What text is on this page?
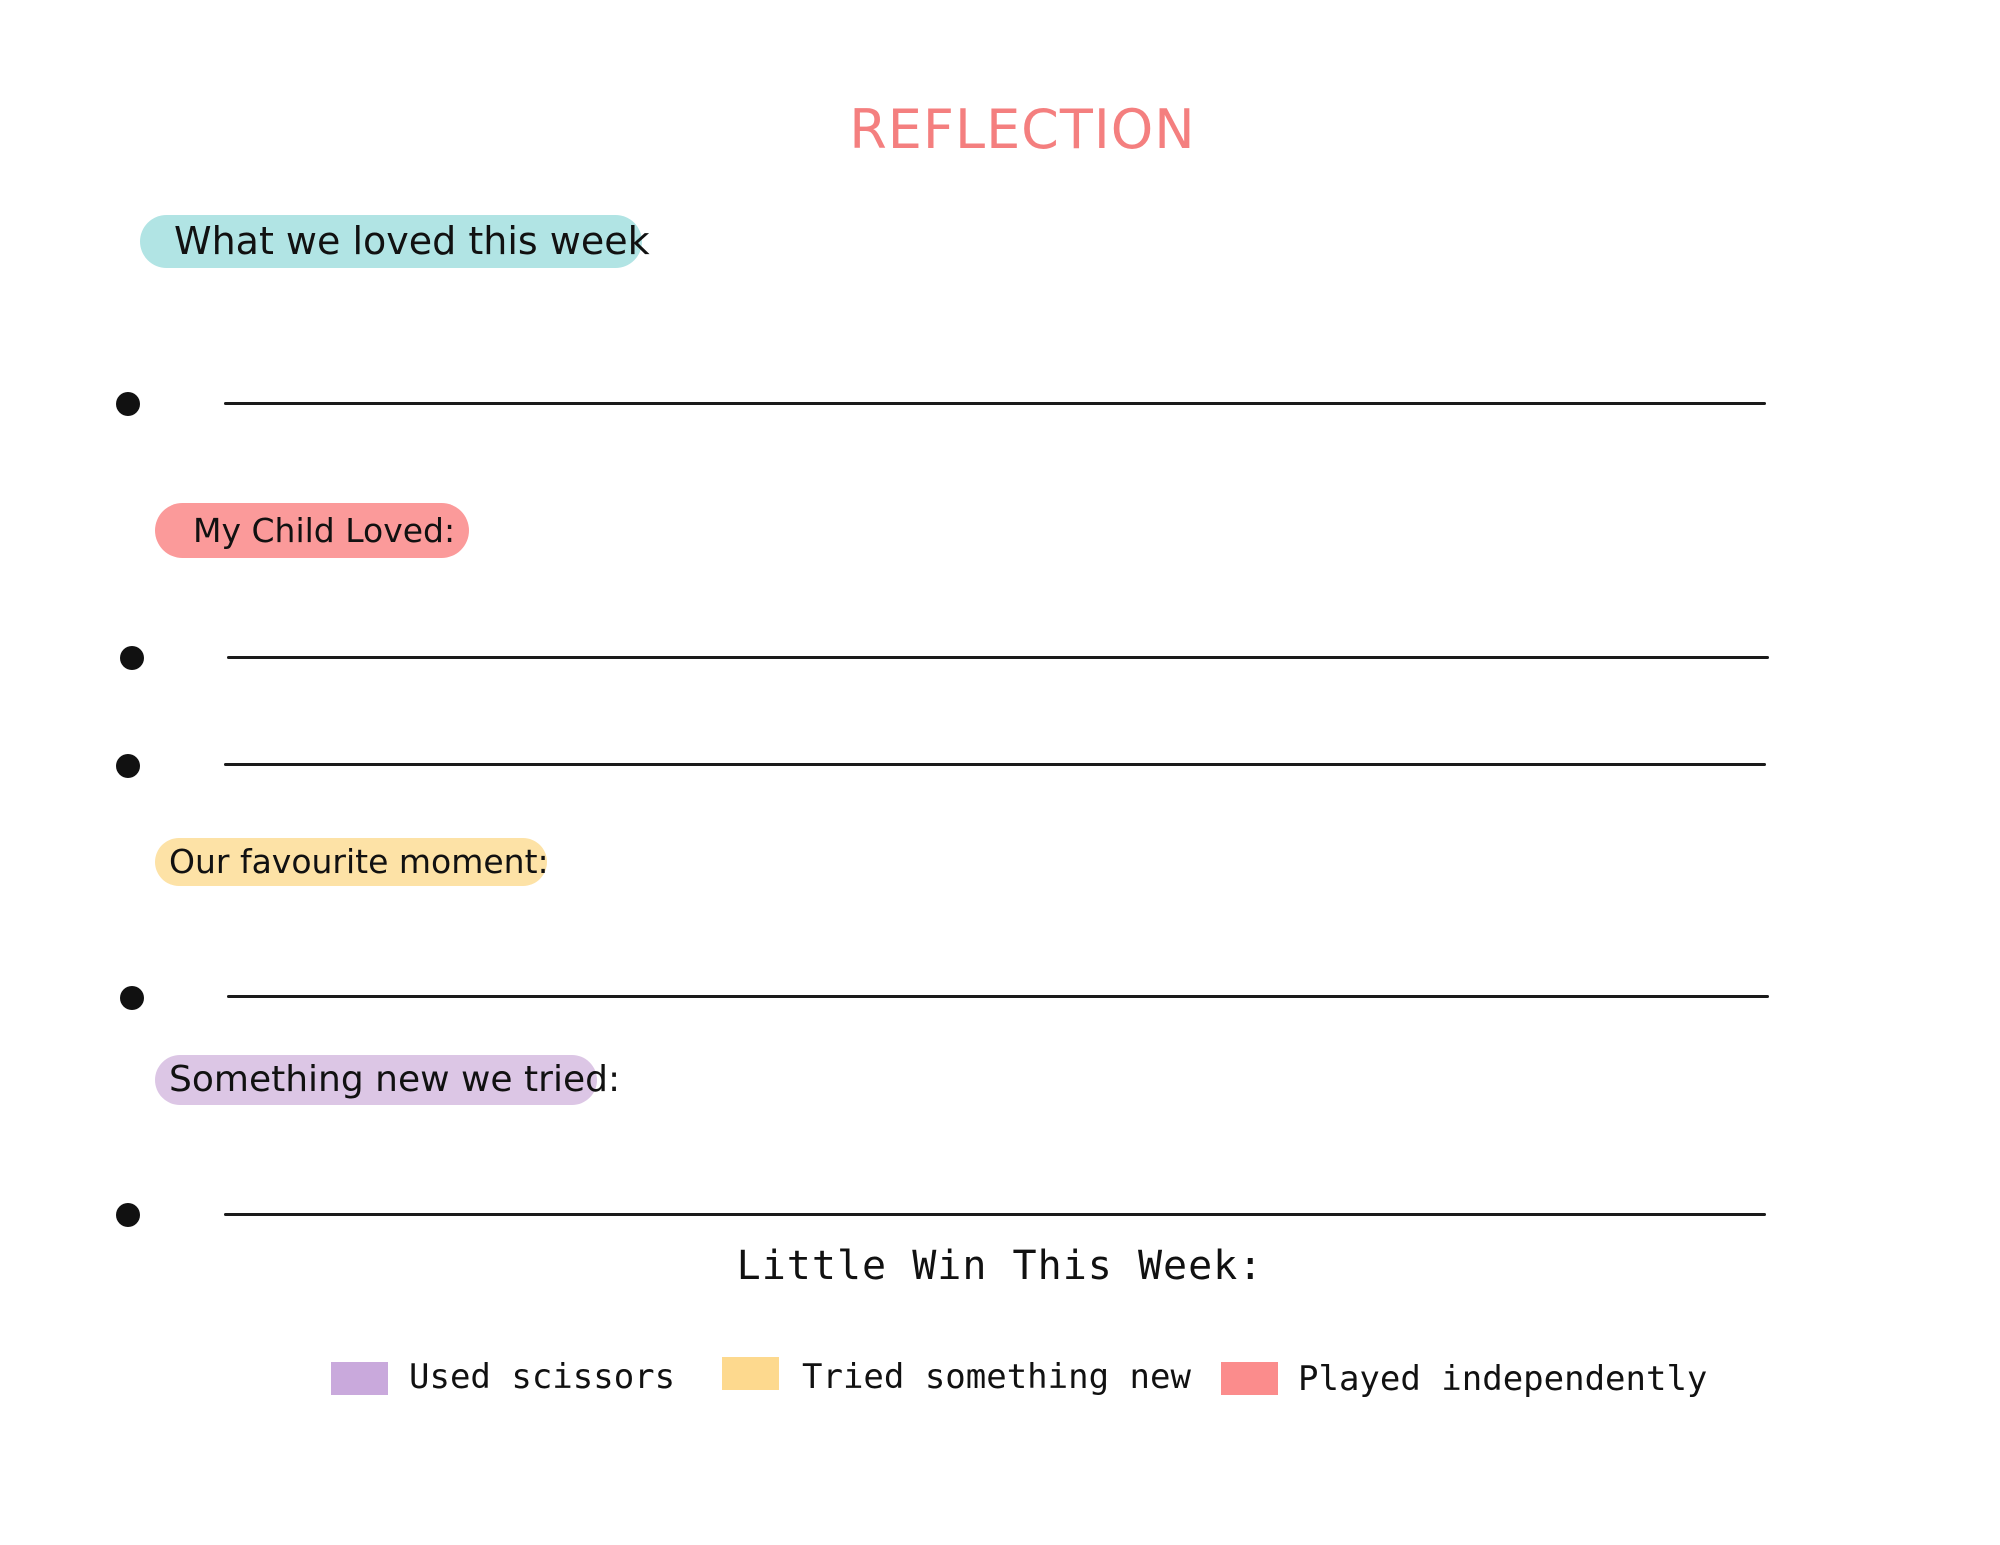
REFLECTION
What we loved this week
My Child Loved:
Our favourite moment:
Something new we tried:
Little Win This Week:
Used scissors	Tried something new	Played independently
